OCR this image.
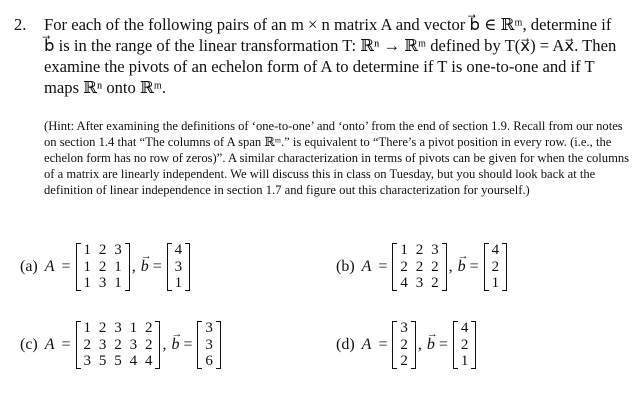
2. For each of the following pairs of an m × n matrix A and vector b⃗ ∈ ℝᵐ, determine if b⃗ is in the range of the linear transformation T: ℝⁿ → ℝᵐ defined by T(x⃗) = Ax⃗. Then examine the pivots of an echelon form of A to determine if T is one-to-one and if T maps ℝⁿ onto ℝᵐ.
(Hint: After examining the definitions of ‘one-to-one’ and ‘onto’ from the end of section 1.9. Recall from our notes on section 1.4 that “The columns of A span ℝᵐ.” is equivalent to “There’s a pivot position in every row. (i.e., the echelon form has no row of zeros)”. A similar characterization in terms of pivots can be given for when the columns of a matrix are linearly independent. We will discuss this in class on Tuesday, but you should look back at the definition of linear independence in section 1.7 and figure out this characterization for yourself.)
(a) A =
1
1
1
2
2
3
3
1
1
, b
→
=
4
3
1
(b) A =
1
2
4
2
2
3
3
2
2
, b
→
=
4
2
1
(c) A =
1
2
3
2
3
5
3
2
5
1
3
4
2
2
4
, b
→
=
3
3
6
(d) A =
3
2
2
, b
→
=
4
2
1
